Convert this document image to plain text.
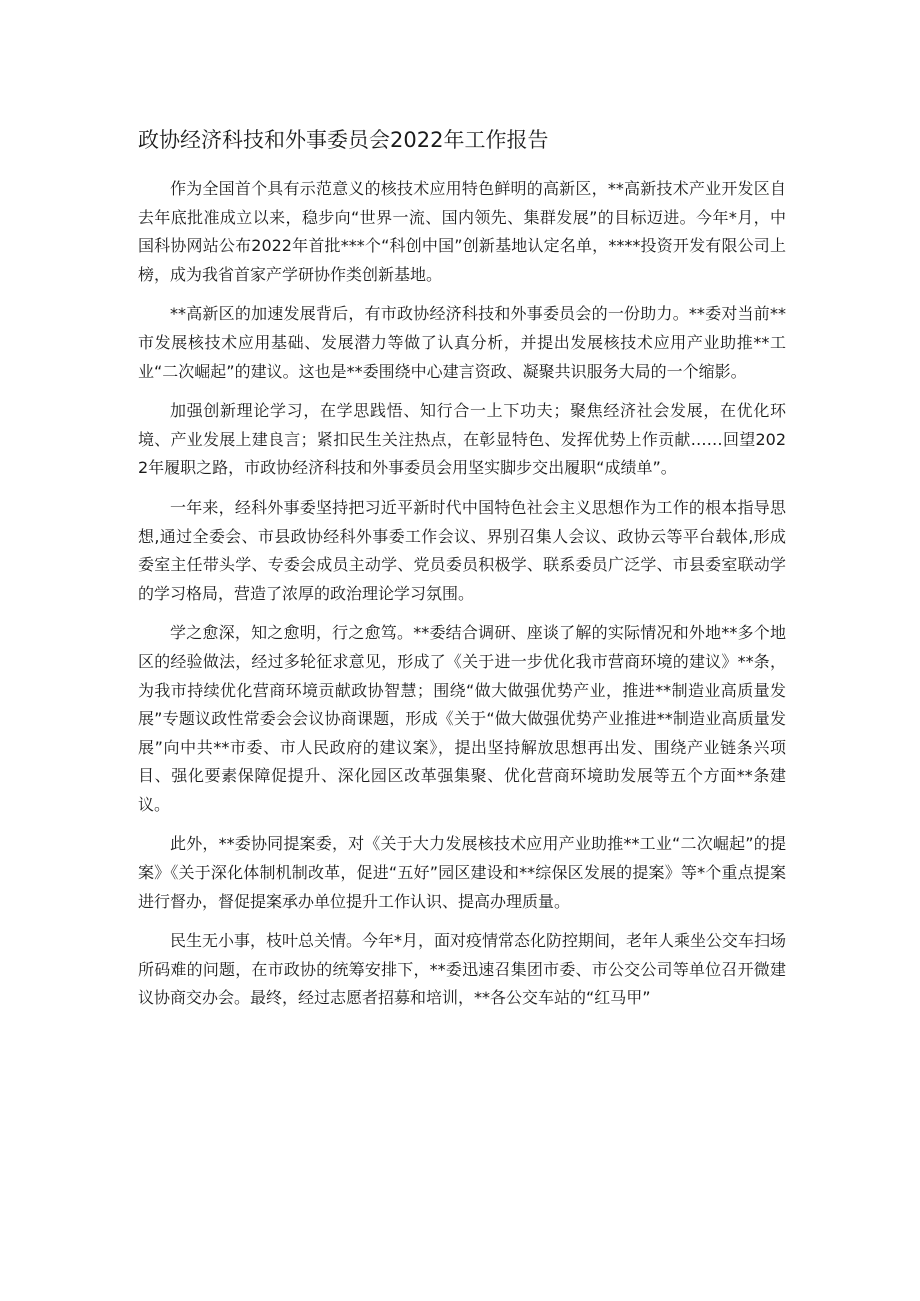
政协经济科技和外事委员会2022年工作报告

作为全国首个具有示范意义的核技术应用特色鲜明的高新区，**高新技术产业开发区自去年底批准成立以来，稳步向“世界一流、国内领先、集群发展”的目标迈进。今年*月，中国科协网站公布2022年首批***个“科创中国”创新基地认定名单，****投资开发有限公司上榜，成为我省首家产学研协作类创新基地。

**高新区的加速发展背后，有市政协经济科技和外事委员会的一份助力。**委对当前**市发展核技术应用基础、发展潜力等做了认真分析，并提出发展核技术应用产业助推**工业“二次崛起”的建议。这也是**委围绕中心建言资政、凝聚共识服务大局的一个缩影。

加强创新理论学习，在学思践悟、知行合一上下功夫；聚焦经济社会发展，在优化环境、产业发展上建良言；紧扣民生关注热点，在彰显特色、发挥优势上作贡献……回望2022年履职之路，市政协经济科技和外事委员会用坚实脚步交出履职“成绩单”。

一年来，经科外事委坚持把习近平新时代中国特色社会主义思想作为工作的根本指导思想,通过全委会、市县政协经科外事委工作会议、界别召集人会议、政协云等平台载体,形成委室主任带头学、专委会成员主动学、党员委员积极学、联系委员广泛学、市县委室联动学的学习格局，营造了浓厚的政治理论学习氛围。

学之愈深，知之愈明，行之愈笃。**委结合调研、座谈了解的实际情况和外地**多个地区的经验做法，经过多轮征求意见，形成了《关于进一步优化我市营商环境的建议》**条，为我市持续优化营商环境贡献政协智慧；围绕“做大做强优势产业，推进**制造业高质量发展”专题议政性常委会会议协商课题，形成《关于“做大做强优势产业推进**制造业高质量发展”向中共**市委、市人民政府的建议案》，提出坚持解放思想再出发、围绕产业链条兴项目、强化要素保障促提升、深化园区改革强集聚、优化营商环境助发展等五个方面**条建议。

此外，**委协同提案委，对《关于大力发展核技术应用产业助推**工业“二次崛起”的提案》《关于深化体制机制改革，促进“五好”园区建设和**综保区发展的提案》等*个重点提案进行督办，督促提案承办单位提升工作认识、提高办理质量。

民生无小事，枝叶总关情。今年*月，面对疫情常态化防控期间，老年人乘坐公交车扫场所码难的问题，在市政协的统筹安排下，**委迅速召集团市委、市公交公司等单位召开微建议协商交办会。最终，经过志愿者招募和培训，**各公交车站的“红马甲”
